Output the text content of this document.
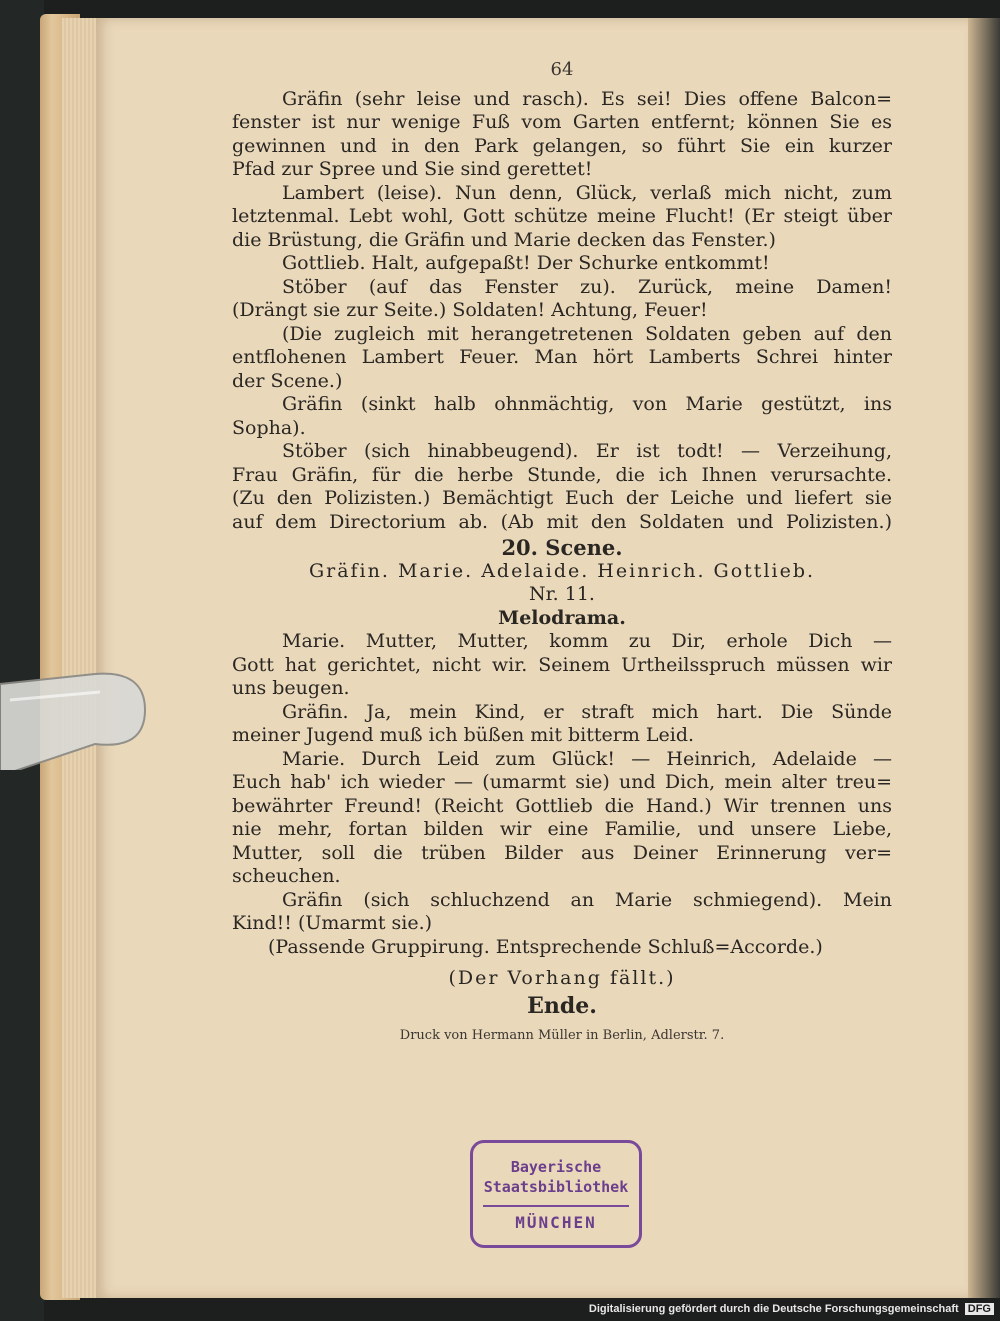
64
Gräfin (sehr leise und rasch). Es sei! Dies offene Balcon=
fenster ist nur wenige Fuß vom Garten entfernt; können Sie es
gewinnen und in den Park gelangen, so führt Sie ein kurzer
Pfad zur Spree und Sie sind gerettet!
Lambert (leise). Nun denn, Glück, verlaß mich nicht, zum
letztenmal. Lebt wohl, Gott schütze meine Flucht! (Er steigt über
die Brüstung, die Gräfin und Marie decken das Fenster.)
Gottlieb. Halt, aufgepaßt! Der Schurke entkommt!
Stöber (auf das Fenster zu). Zurück, meine Damen!
(Drängt sie zur Seite.) Soldaten! Achtung, Feuer!
(Die zugleich mit herangetretenen Soldaten geben auf den
entflohenen Lambert Feuer. Man hört Lamberts Schrei hinter
der Scene.)
Gräfin (sinkt halb ohnmächtig, von Marie gestützt, ins
Sopha).
Stöber (sich hinabbeugend). Er ist todt! — Verzeihung,
Frau Gräfin, für die herbe Stunde, die ich Ihnen verursachte.
(Zu den Polizisten.) Bemächtigt Euch der Leiche und liefert sie
auf dem Directorium ab. (Ab mit den Soldaten und Polizisten.)
20. Scene.
Gräfin. Marie. Adelaide. Heinrich. Gottlieb.
Nr. 11.
Melodrama.
Marie. Mutter, Mutter, komm zu Dir, erhole Dich —
Gott hat gerichtet, nicht wir. Seinem Urtheilsspruch müssen wir
uns beugen.
Gräfin. Ja, mein Kind, er straft mich hart. Die Sünde
meiner Jugend muß ich büßen mit bitterm Leid.
Marie. Durch Leid zum Glück! — Heinrich, Adelaide —
Euch hab' ich wieder — (umarmt sie) und Dich, mein alter treu=
bewährter Freund! (Reicht Gottlieb die Hand.) Wir trennen uns
nie mehr, fortan bilden wir eine Familie, und unsere Liebe,
Mutter, soll die trüben Bilder aus Deiner Erinnerung ver=
scheuchen.
Gräfin (sich schluchzend an Marie schmiegend). Mein
Kind!! (Umarmt sie.)
(Passende Gruppirung. Entsprechende Schluß=Accorde.)
(Der Vorhang fällt.)
Ende.
Druck von Hermann Müller in Berlin, Adlerstr. 7.
Bayerische
Staatsbibliothek
MÜNCHEN
Digitalisierung gefördert durch die Deutsche Forschungsgemeinschaft DFG
